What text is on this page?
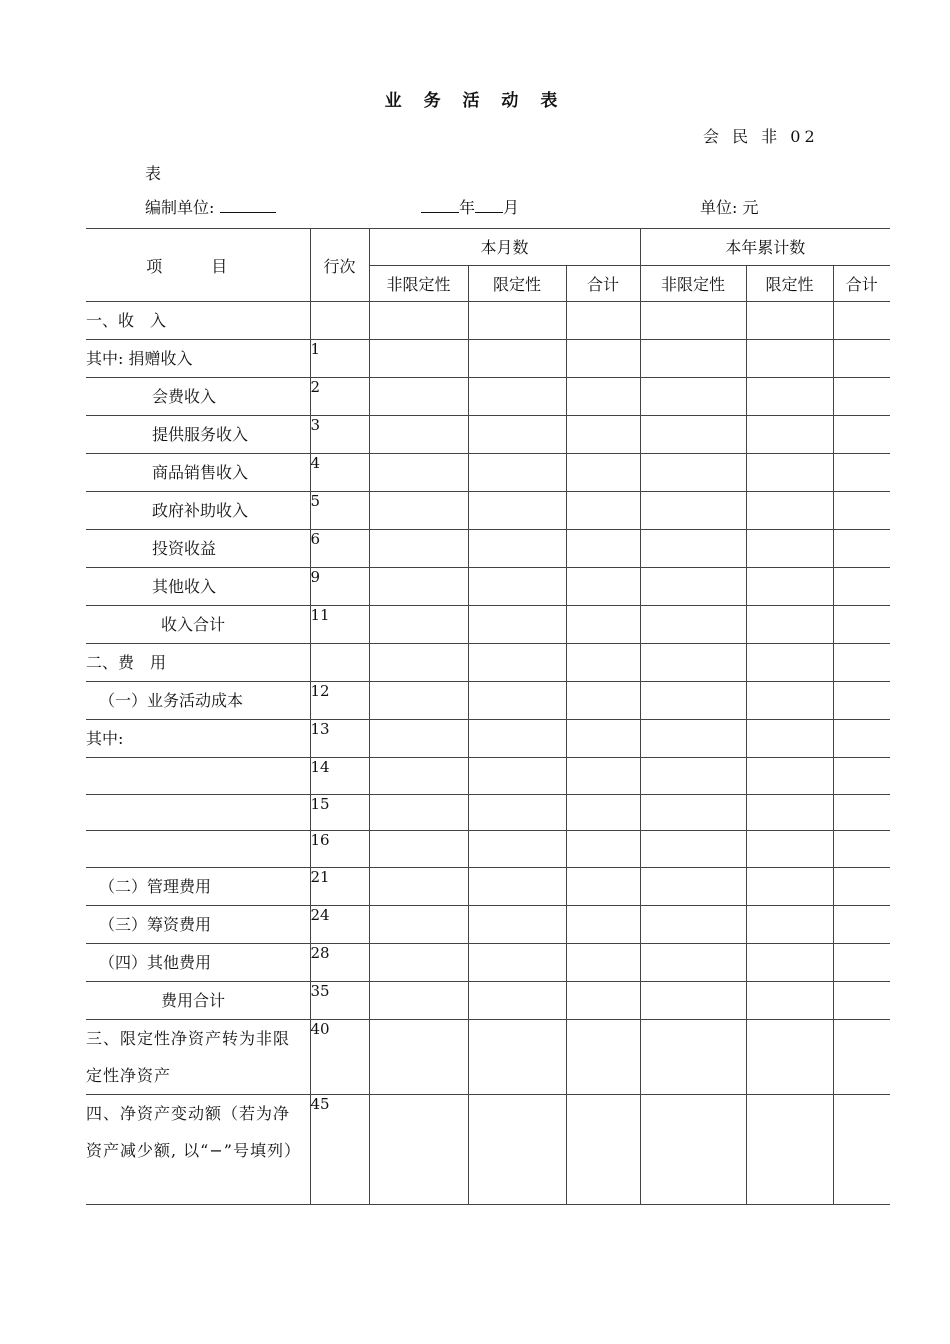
业 务 活 动 表
会 民 非 02
表
编制单位:	年 月	单位: 元
项 目	行次	本月数			本年累计数		
		非限定性	限定性	合计	非限定性	限定性	合计
一、收　入							
其中: 捐赠收入	1						
会费收入	2						
提供服务收入	3						
商品销售收入	4						
政府补助收入	5						
投资收益	6						
其他收入	9						
收入合计	11						
二、费　用							
（一）业务活动成本	12						
其中:	13						
	14						
	15						
	16						
（二）管理费用	21						
（三）筹资费用	24						
（四）其他费用	28						
费用合计	35						
三、限定性净资产转为非限定性净资产	40						
四、净资产变动额（若为净资产减少额, 以“−”号填列）	45						
